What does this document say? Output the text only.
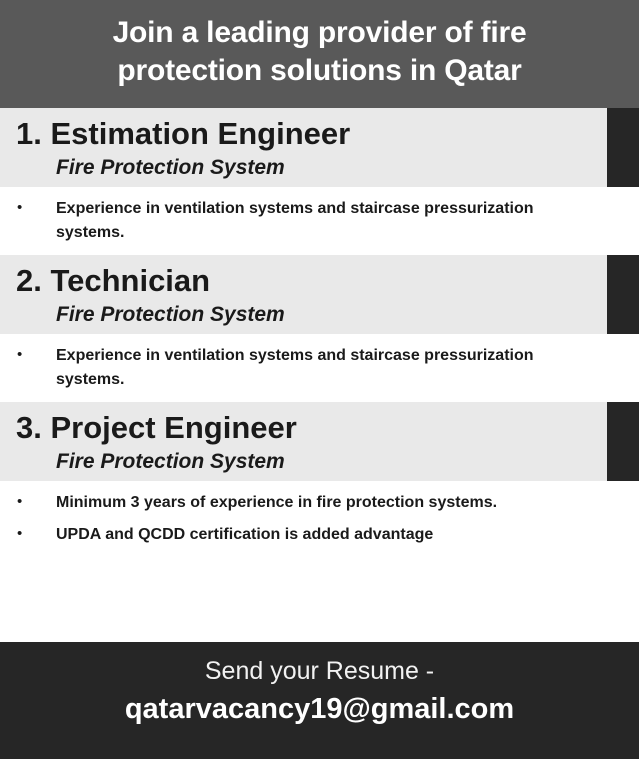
Join a leading provider of fire
protection solutions in Qatar
1. Estimation Engineer
Fire Protection System
•	Experience in ventilation systems and staircase pressurization systems.
2. Technician
Fire Protection System
•	Experience in ventilation systems and staircase pressurization systems.
3. Project Engineer
Fire Protection System
•	Minimum 3 years of experience in fire protection systems.
•	UPDA and QCDD certification is added advantage
Send your Resume -
qatarvacancy19@gmail.com
